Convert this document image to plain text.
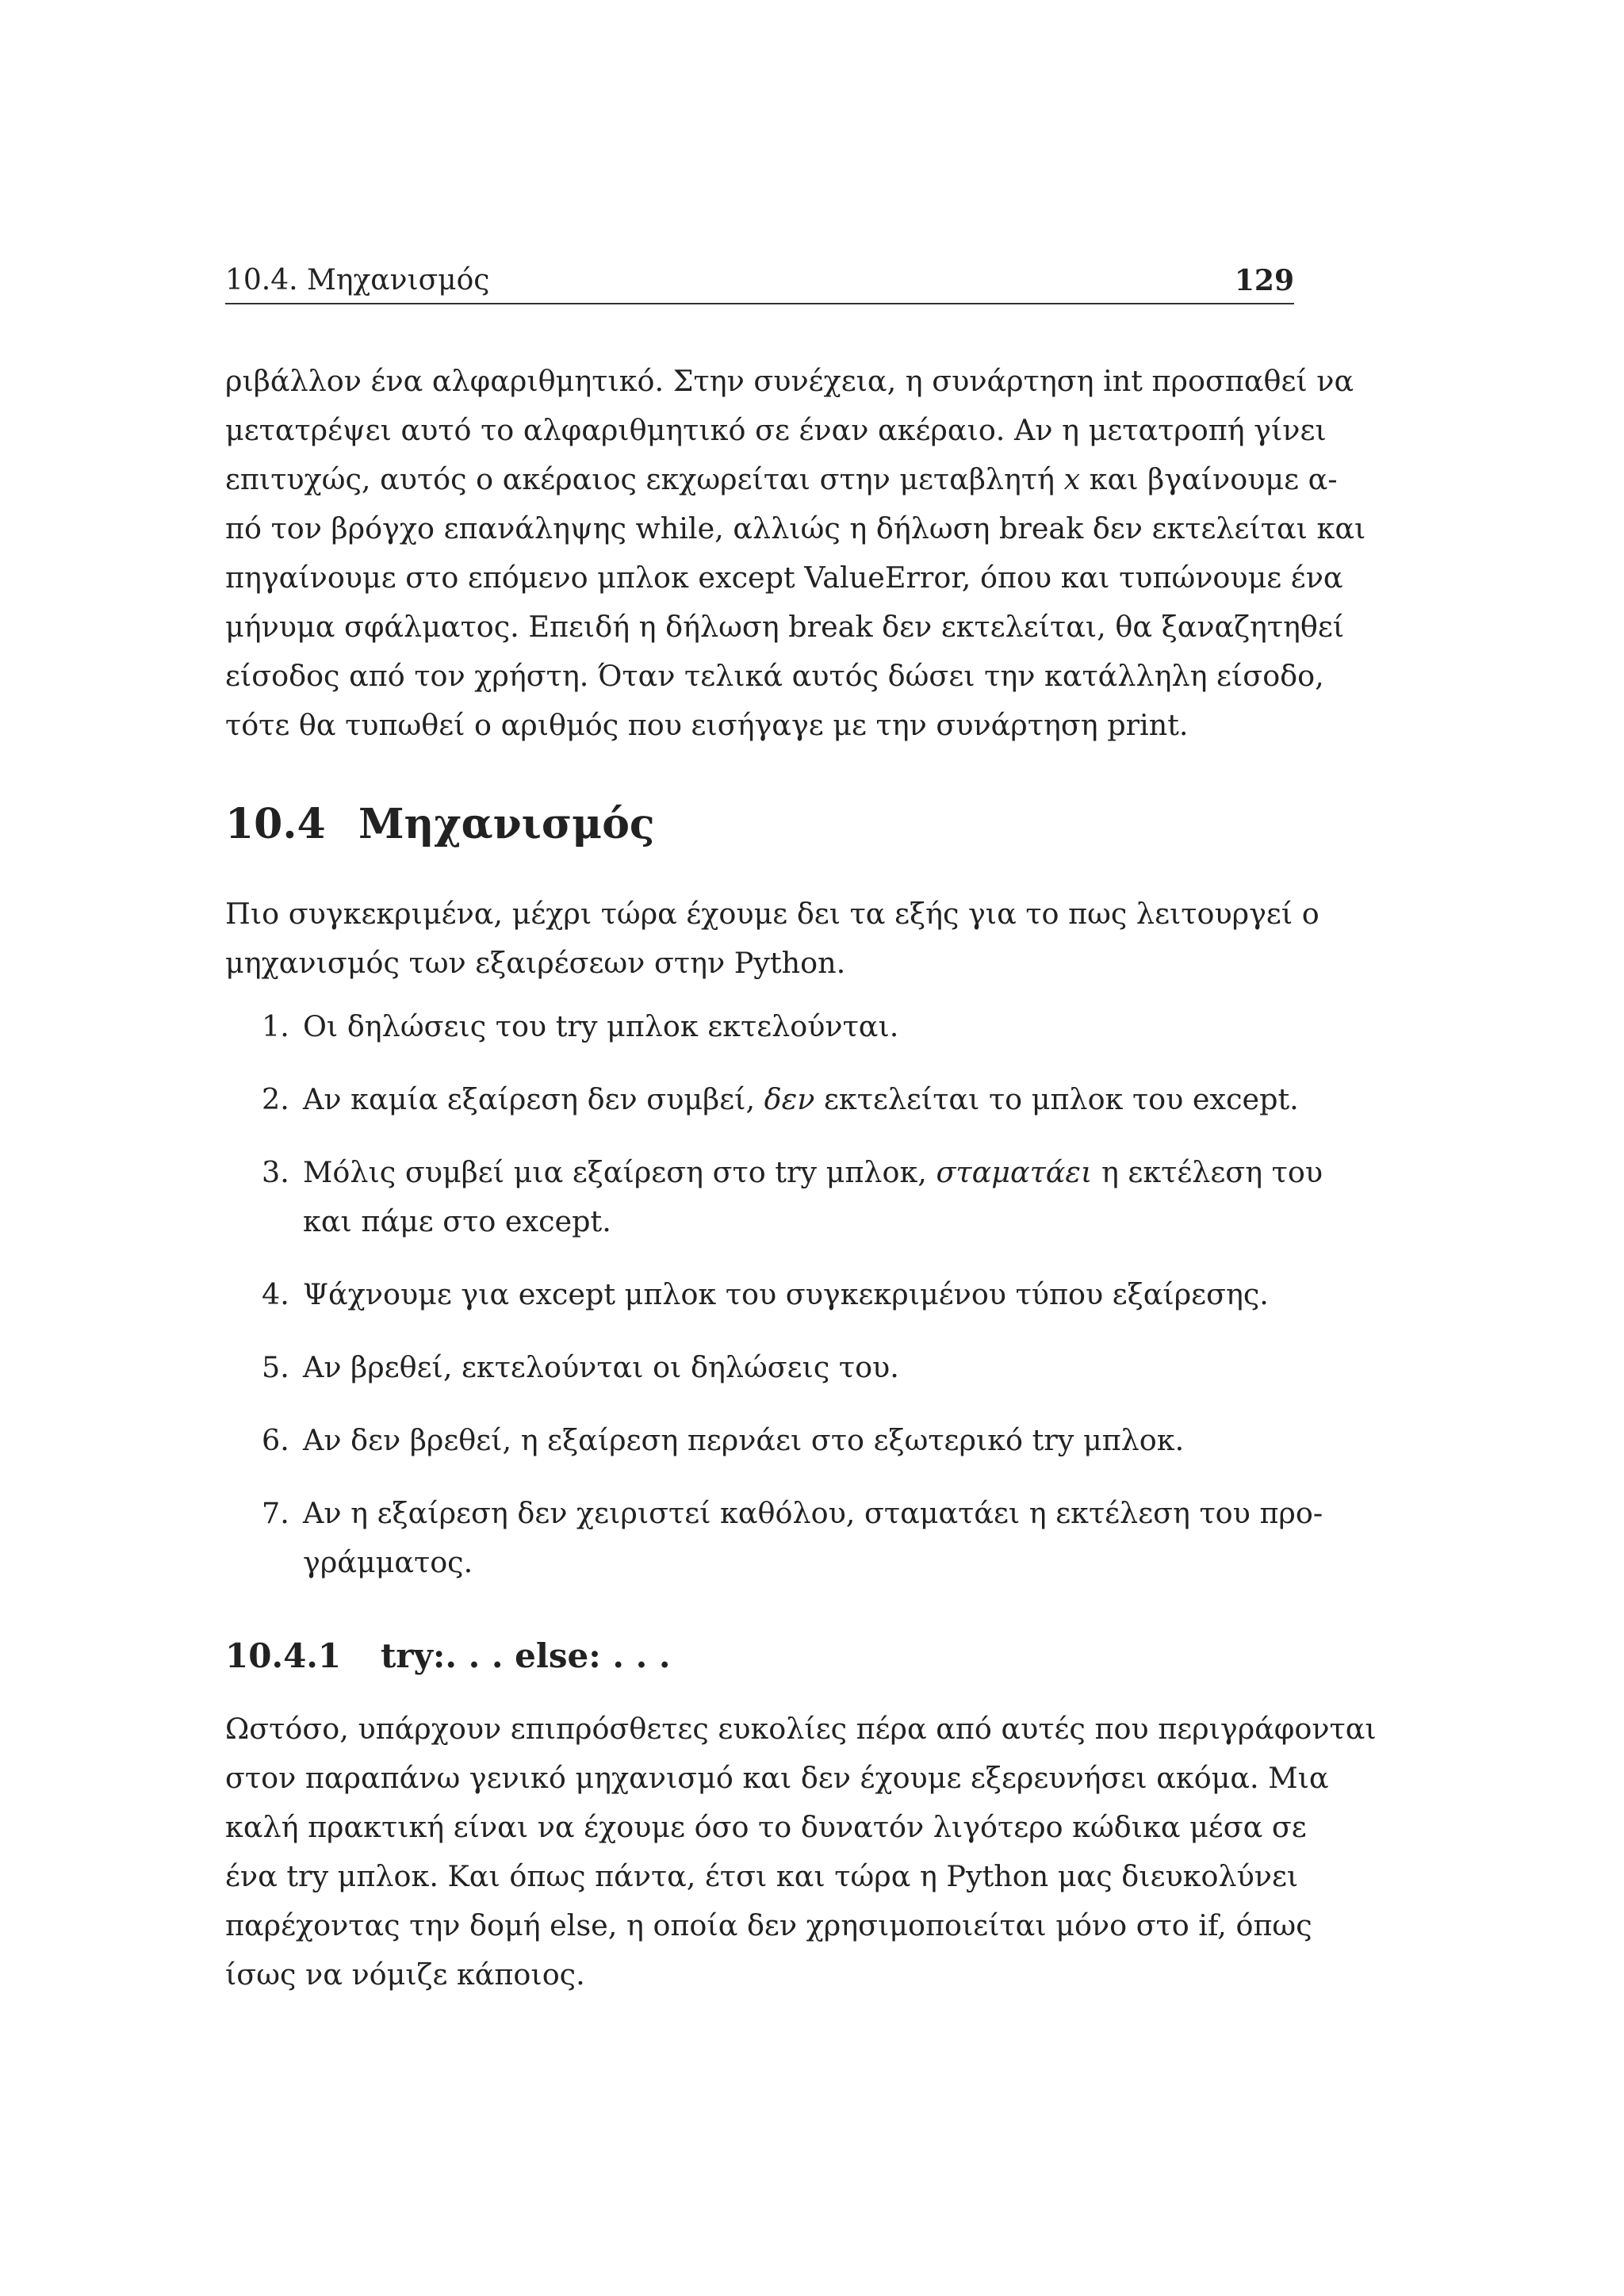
10.4. Μηχανισμός	129

ριβάλλον ένα αλφαριθμητικό. Στην συνέχεια, η συνάρτηση int προσπαθεί να
μετατρέψει αυτό το αλφαριθμητικό σε έναν ακέραιο. Αν η μετατροπή γίνει
επιτυχώς, αυτός ο ακέραιος εκχωρείται στην μεταβλητή x και βγαίνουμε α-
πό τον βρόγχο επανάληψης while, αλλιώς η δήλωση break δεν εκτελείται και
πηγαίνουμε στο επόμενο μπλοκ except ValueError, όπου και τυπώνουμε ένα
μήνυμα σφάλματος. Επειδή η δήλωση break δεν εκτελείται, θα ξαναζητηθεί
είσοδος από τον χρήστη. Όταν τελικά αυτός δώσει την κατάλληλη είσοδο,
τότε θα τυπωθεί ο αριθμός που εισήγαγε με την συνάρτηση print.

10.4 Μηχανισμός

Πιο συγκεκριμένα, μέχρι τώρα έχουμε δει τα εξής για το πως λειτουργεί ο
μηχανισμός των εξαιρέσεων στην Python.

1. Οι δηλώσεις του try μπλοκ εκτελούνται.
2. Αν καμία εξαίρεση δεν συμβεί, δεν εκτελείται το μπλοκ του except.
3. Μόλις συμβεί μια εξαίρεση στο try μπλοκ, σταματάει η εκτέλεση του
και πάμε στο except.
4. Ψάχνουμε για except μπλοκ του συγκεκριμένου τύπου εξαίρεσης.
5. Αν βρεθεί, εκτελούνται οι δηλώσεις του.
6. Αν δεν βρεθεί, η εξαίρεση περνάει στο εξωτερικό try μπλοκ.
7. Αν η εξαίρεση δεν χειριστεί καθόλου, σταματάει η εκτέλεση του προ-
γράμματος.
10.4.1 try:. . . else: . . .

Ωστόσο, υπάρχουν επιπρόσθετες ευκολίες πέρα από αυτές που περιγράφονται
στον παραπάνω γενικό μηχανισμό και δεν έχουμε εξερευνήσει ακόμα. Μια
καλή πρακτική είναι να έχουμε όσο το δυνατόν λιγότερο κώδικα μέσα σε
ένα try μπλοκ. Και όπως πάντα, έτσι και τώρα η Python μας διευκολύνει
παρέχοντας την δομή else, η οποία δεν χρησιμοποιείται μόνο στο if, όπως
ίσως να νόμιζε κάποιος.
